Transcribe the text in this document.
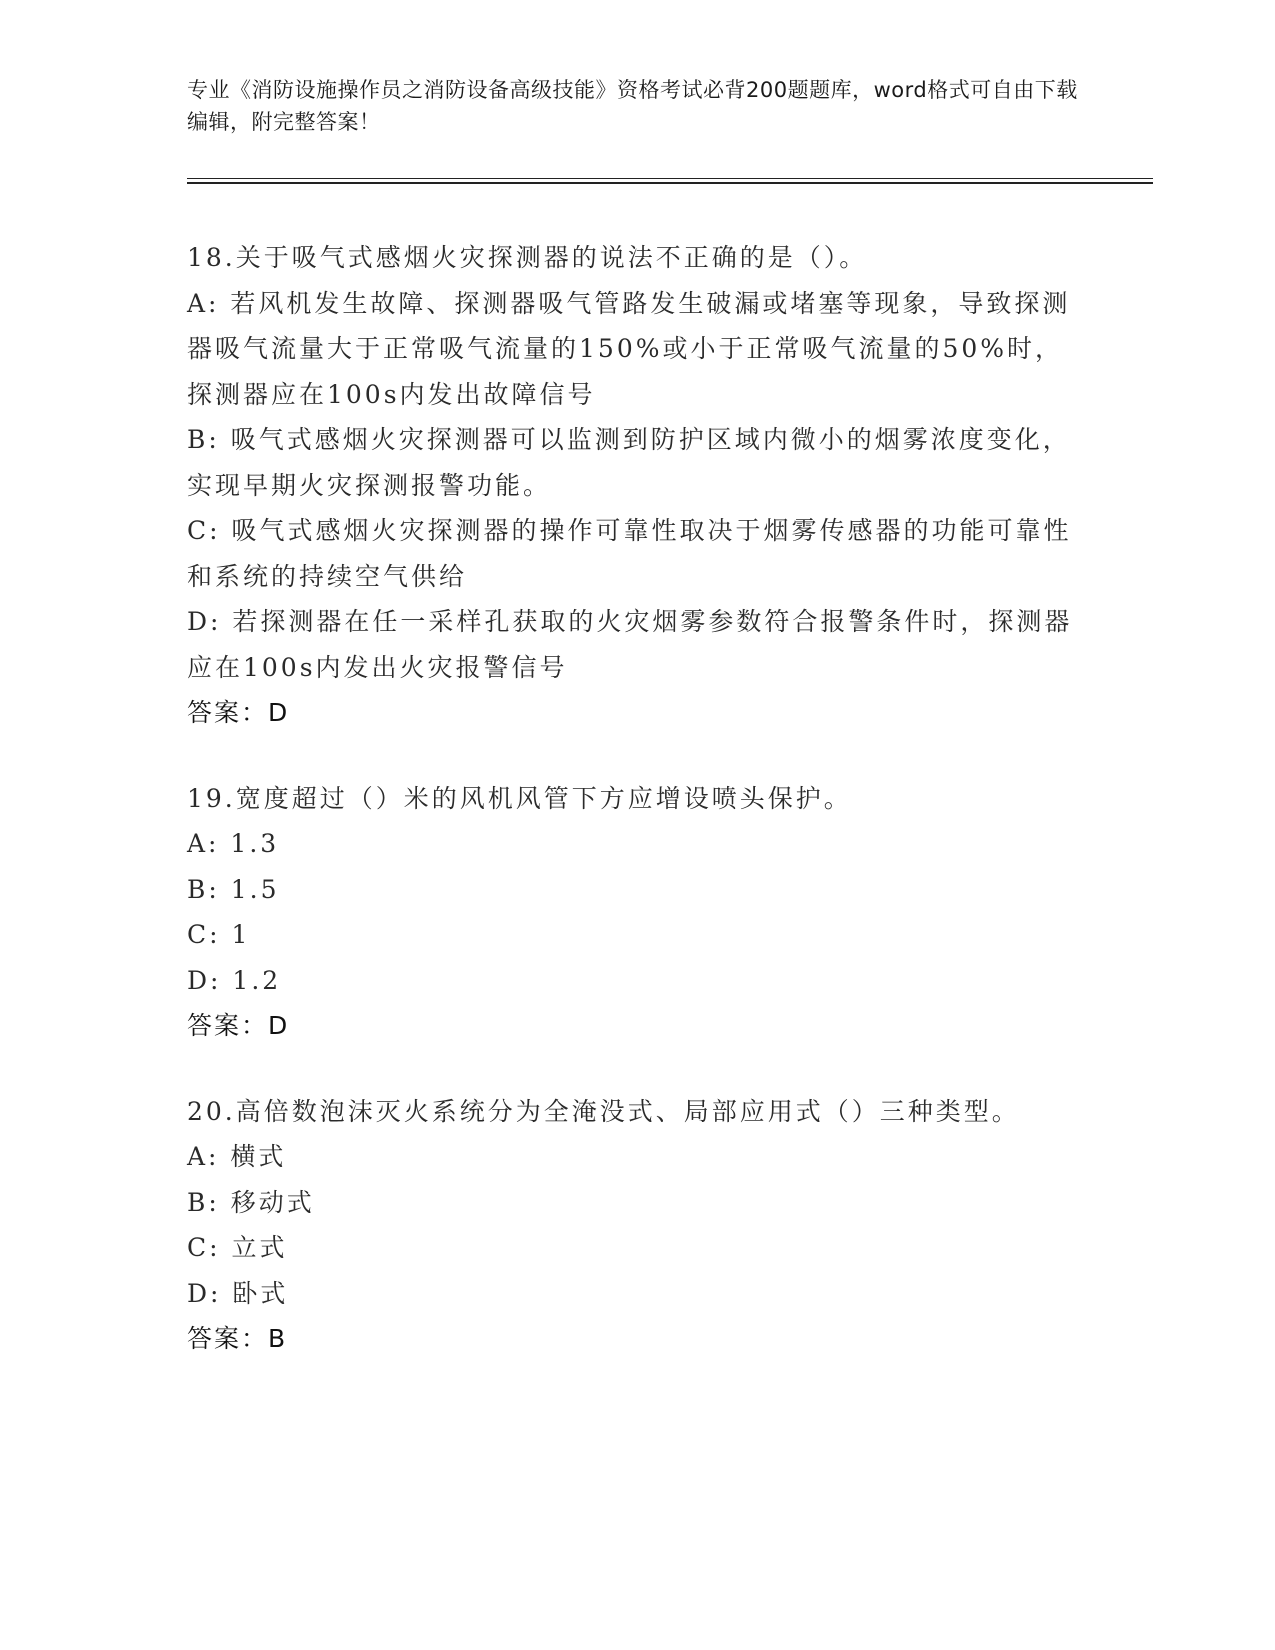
专业《消防设施操作员之消防设备高级技能》资格考试必背200题题库，word格式可自由下载编辑，附完整答案！
18.关于吸气式感烟火灾探测器的说法不正确的是（）。
A: 若风机发生故障、探测器吸气管路发生破漏或堵塞等现象，导致探测器吸气流量大于正常吸气流量的150%或小于正常吸气流量的50%时，探测器应在100s内发出故障信号
B: 吸气式感烟火灾探测器可以监测到防护区域内微小的烟雾浓度变化，实现早期火灾探测报警功能。
C: 吸气式感烟火灾探测器的操作可靠性取决于烟雾传感器的功能可靠性和系统的持续空气供给
D: 若探测器在任一采样孔获取的火灾烟雾参数符合报警条件时，探测器应在100s内发出火灾报警信号
答案：D
19.宽度超过（）米的风机风管下方应增设喷头保护。
A: 1.3
B: 1.5
C: 1
D: 1.2
答案：D
20.高倍数泡沫灭火系统分为全淹没式、局部应用式（）三种类型。
A: 横式
B: 移动式
C: 立式
D: 卧式
答案：B
